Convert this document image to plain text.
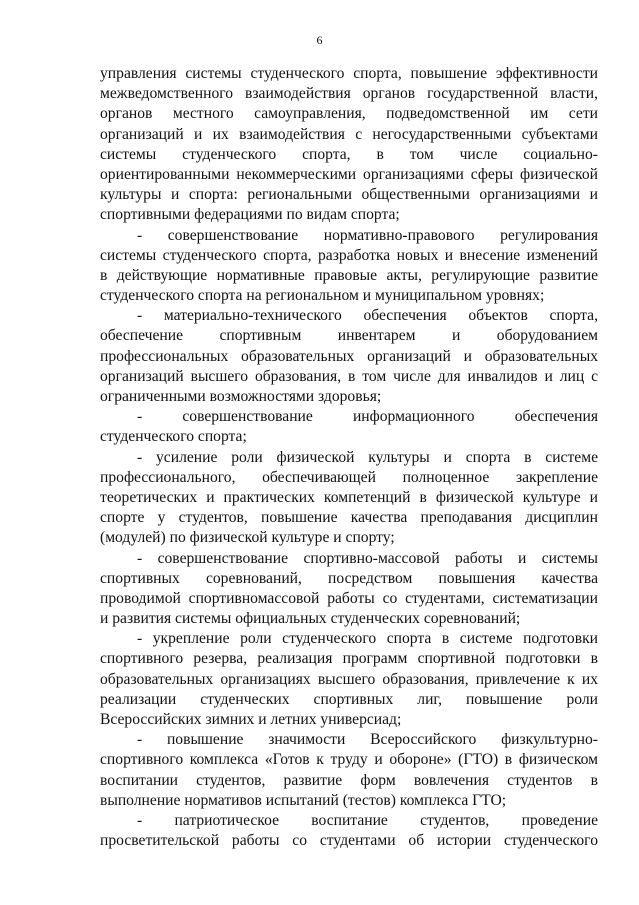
6
управления системы студенческого спорта, повышение эффективности
межведомственного взаимодействия органов государственной власти,
органов местного самоуправления, подведомственной им сети
организаций и их взаимодействия с негосударственными субъектами
системы студенческого спорта, в том числе социально-
ориентированными некоммерческими организациями сферы физической
культуры и спорта: региональными общественными организациями и
спортивными федерациями по видам спорта;
- совершенствование нормативно-правового регулирования
системы студенческого спорта, разработка новых и внесение изменений
в действующие нормативные правовые акты, регулирующие развитие
студенческого спорта на региональном и муниципальном уровнях;
- материально-технического обеспечения объектов спорта,
обеспечение спортивным инвентарем и оборудованием
профессиональных образовательных организаций и образовательных
организаций высшего образования, в том числе для инвалидов и лиц с
ограниченными возможностями здоровья;
- совершенствование информационного обеспечения
студенческого спорта;
- усиление роли физической культуры и спорта в системе
профессионального, обеспечивающей полноценное закрепление
теоретических и практических компетенций в физической культуре и
спорте у студентов, повышение качества преподавания дисциплин
(модулей) по физической культуре и спорту;
- совершенствование спортивно-массовой работы и системы
спортивных соревнований, посредством повышения качества
проводимой спортивномассовой работы со студентами, систематизации
и развития системы официальных студенческих соревнований;
- укрепление роли студенческого спорта в системе подготовки
спортивного резерва, реализация программ спортивной подготовки в
образовательных организациях высшего образования, привлечение к их
реализации студенческих спортивных лиг, повышение роли
Всероссийских зимних и летних универсиад;
- повышение значимости Всероссийского физкультурно-
спортивного комплекса «Готов к труду и обороне» (ГТО) в физическом
воспитании студентов, развитие форм вовлечения студентов в
выполнение нормативов испытаний (тестов) комплекса ГТО;
- патриотическое воспитание студентов, проведение
просветительской работы со студентами об истории студенческого
